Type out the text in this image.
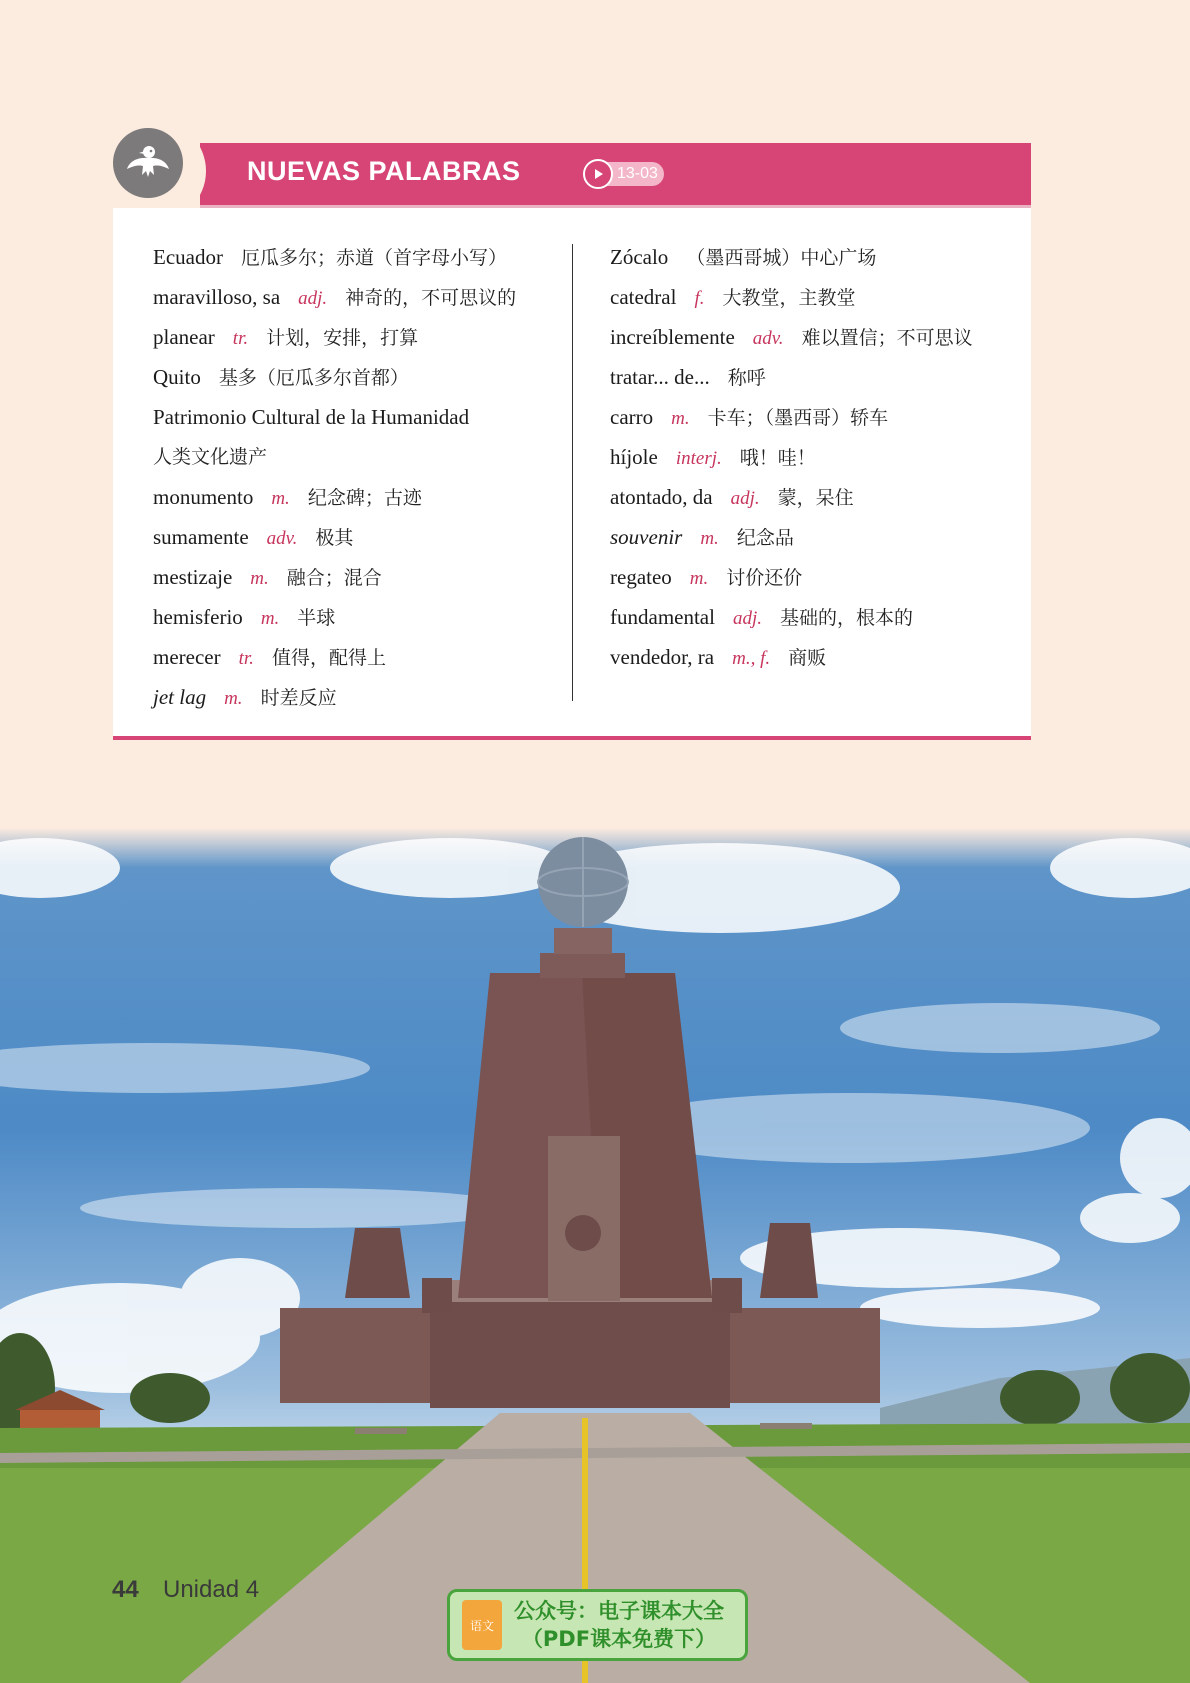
NUEVAS PALABRAS	13-03
Ecuador 厄瓜多尔；赤道（首字母小写）
maravilloso, sa adj. 神奇的，不可思议的
planear tr. 计划，安排，打算
Quito 基多（厄瓜多尔首都）
Patrimonio Cultural de la Humanidad
人类文化遗产
monumento m. 纪念碑；古迹
sumamente adv. 极其
mestizaje m. 融合；混合
hemisferio m. 半球
merecer tr. 值得，配得上
jet lag m. 时差反应
Zócalo （墨西哥城）中心广场
catedral f. 大教堂，主教堂
increíblemente adv. 难以置信；不可思议
tratar... de... 称呼
carro m. 卡车；（墨西哥）轿车
híjole interj. 哦！哇！
atontado, da adj. 蒙，呆住
souvenir m. 纪念品
regateo m. 讨价还价
fundamental adj. 基础的，根本的
vendedor, ra m., f. 商贩
44 Unidad 4
语文
公众号：电子课本大全
（PDF课本免费下）
